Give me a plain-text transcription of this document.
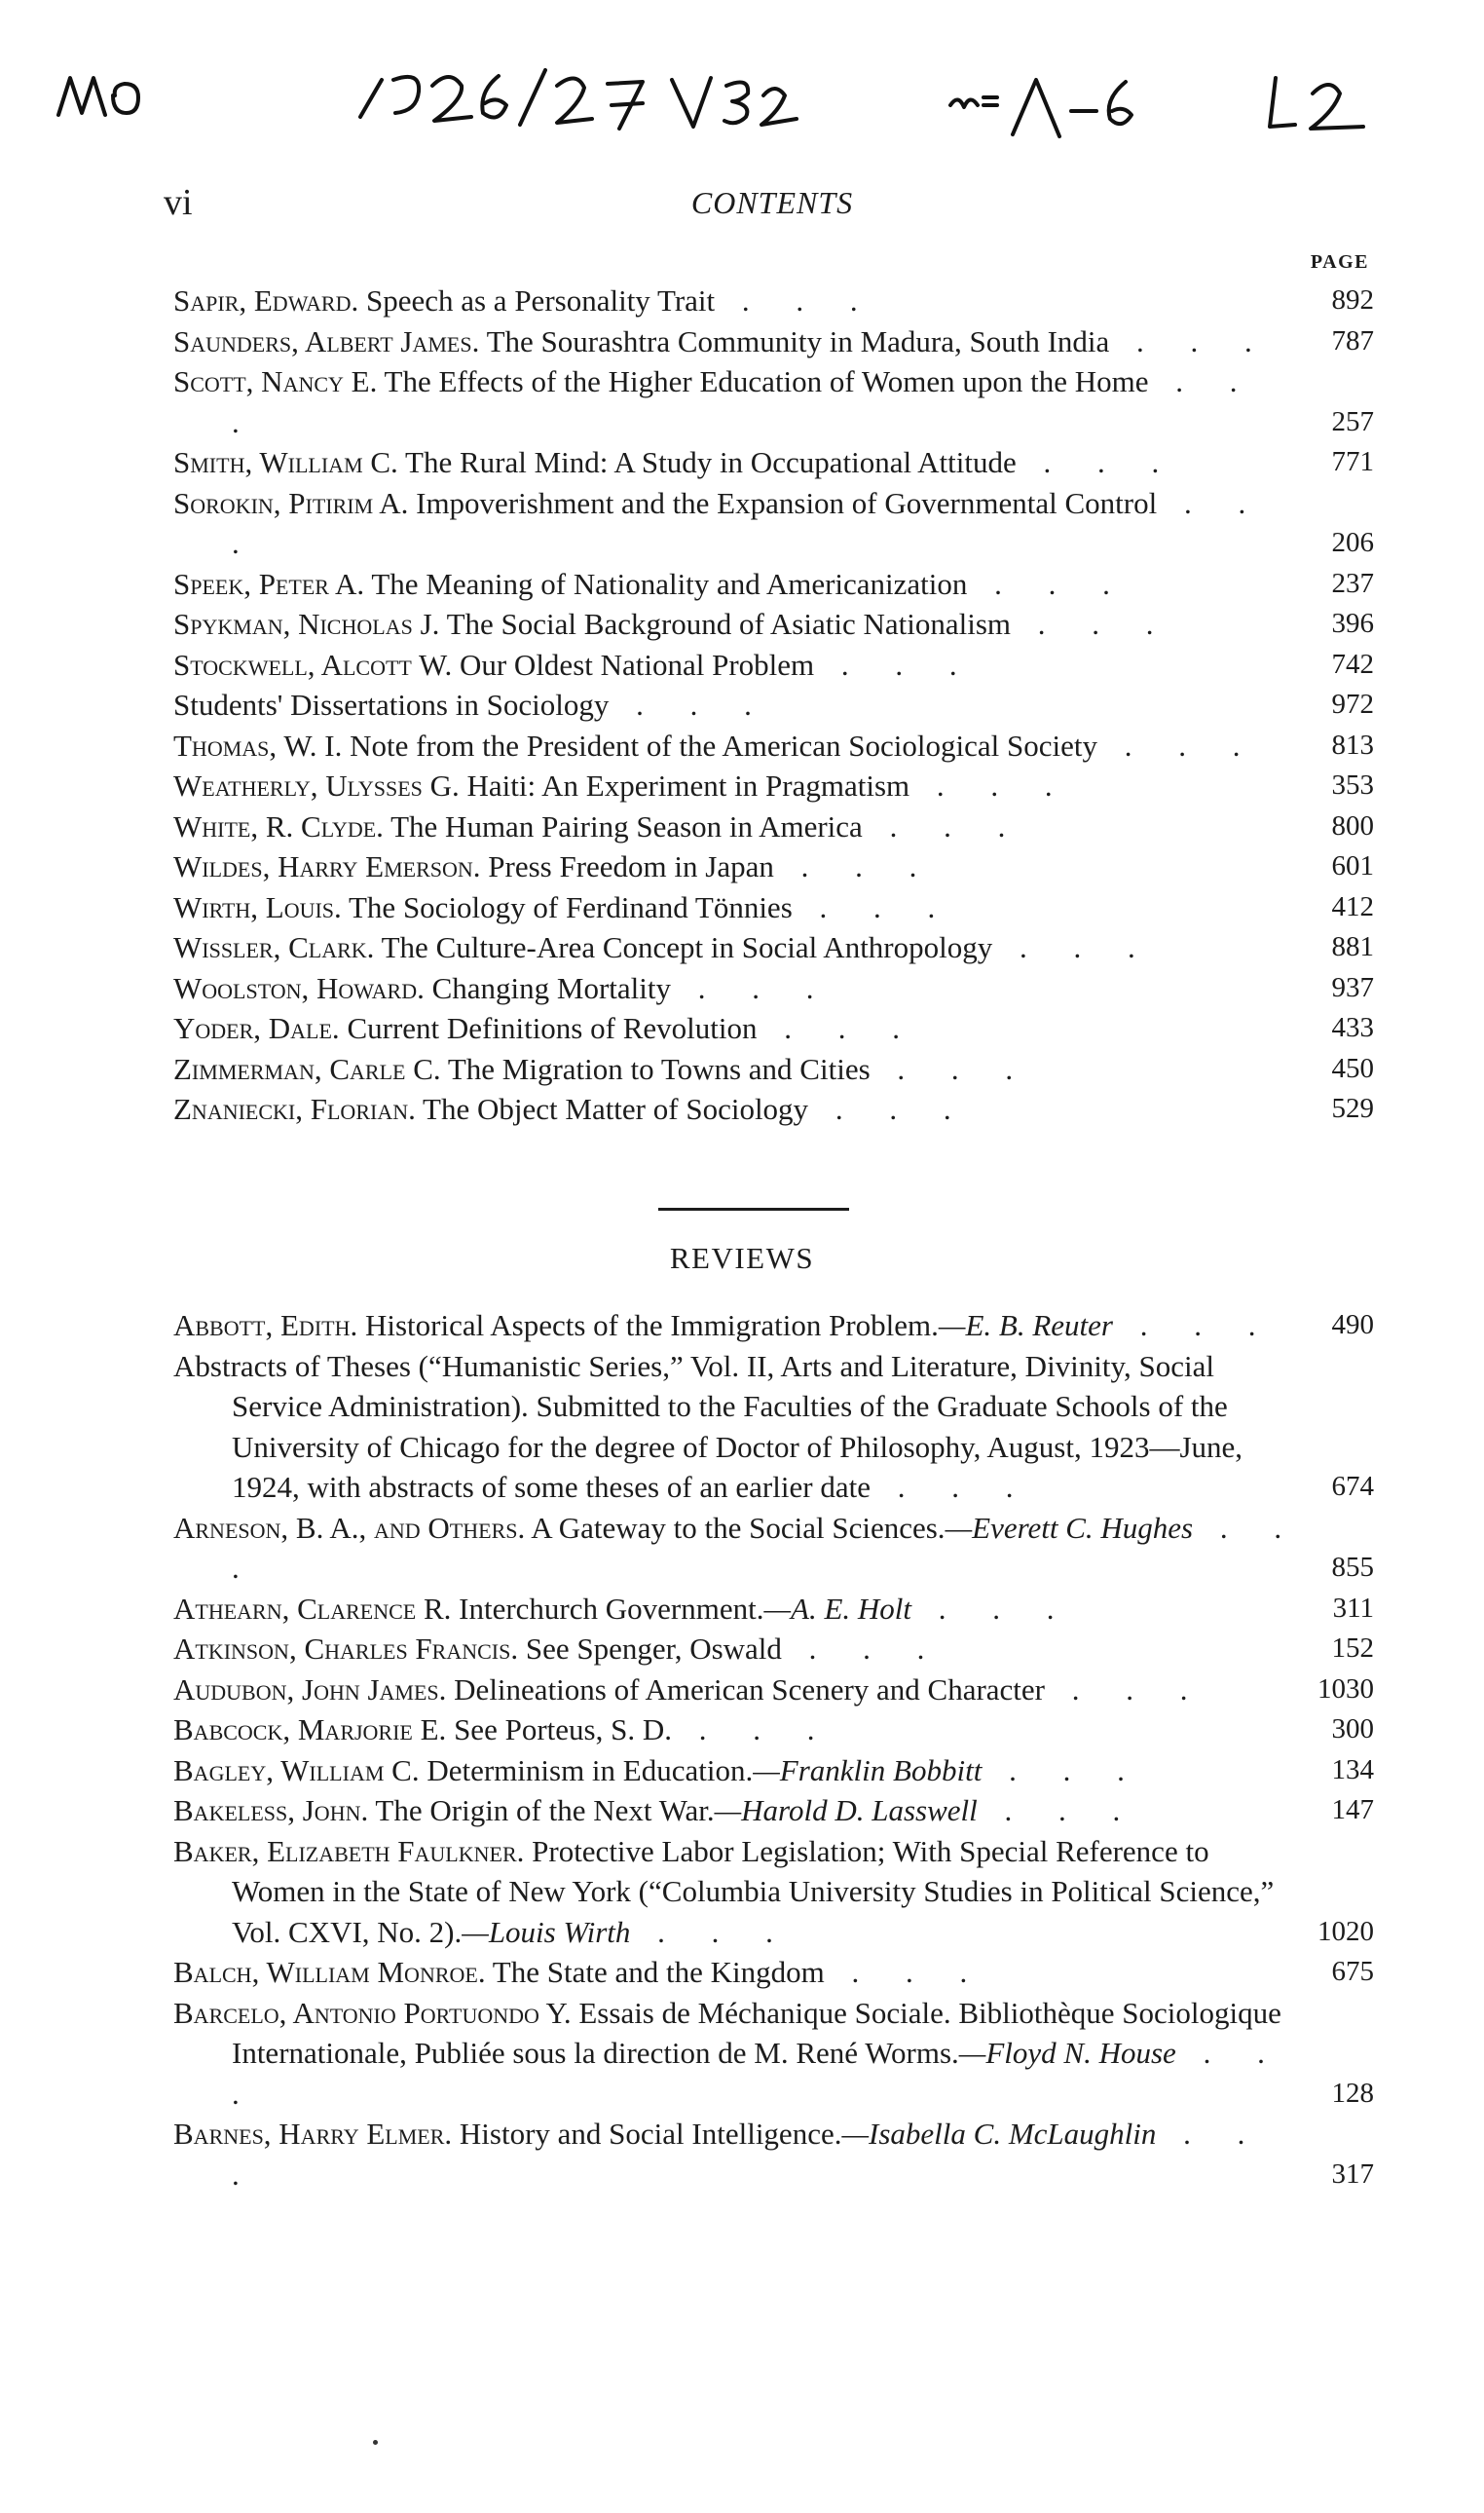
vi	CONTENTS
PAGE
Sapir, Edward. Speech as a Personality Trait . . .	892
Saunders, Albert James. The Sourashtra Community in Madura, South India . . . 787
Scott, Nancy E. The Effects of the Higher Education of Women upon the Home . . .	257
Smith, William C. The Rural Mind: A Study in Occupational Attitude . . .	771
Sorokin, Pitirim A. Impoverishment and the Expansion of Governmental Control . . .	206
Speek, Peter A. The Meaning of Nationality and Americanization . . .	237
Spykman, Nicholas J. The Social Background of Asiatic Nationalism . . .	396
Stockwell, Alcott W. Our Oldest National Problem . . .	742
Students' Dissertations in Sociology . . .	972
Thomas, W. I. Note from the President of the American Sociological Society . . .	813
Weatherly, Ulysses G. Haiti: An Experiment in Pragmatism . . .	353
White, R. Clyde. The Human Pairing Season in America . . .	800
Wildes, Harry Emerson. Press Freedom in Japan . . .	601
Wirth, Louis. The Sociology of Ferdinand Tönnies . . .	412
Wissler, Clark. The Culture-Area Concept in Social Anthropology . . .	881
Woolston, Howard. Changing Mortality . . .	937
Yoder, Dale. Current Definitions of Revolution . . .	433
Zimmerman, Carle C. The Migration to Towns and Cities . . .	450
Znaniecki, Florian. The Object Matter of Sociology . . .	529
REVIEWS
Abbott, Edith. Historical Aspects of the Immigration Problem.—E. B. Reuter . . . 490
Abstracts of Theses (“Humanistic Series,” Vol. II, Arts and Literature, Divinity, Social Service Administration). Submitted to the Faculties of the Graduate Schools of the University of Chicago for the degree of Doctor of Philosophy, August, 1923—June, 1924, with abstracts of some theses of an earlier date . . .	674
Arneson, B. A., and Others. A Gateway to the Social Sciences.—Everett C. Hughes . . .	855
Athearn, Clarence R. Interchurch Government.—A. E. Holt . . .	311
Atkinson, Charles Francis. See Spenger, Oswald . . .	152
Audubon, John James. Delineations of American Scenery and Character . . .	1030
Babcock, Marjorie E. See Porteus, S. D. . . .	300
Bagley, William C. Determinism in Education.—Franklin Bobbitt . . .	134
Bakeless, John. The Origin of the Next War.—Harold D. Lasswell . . .	147
Baker, Elizabeth Faulkner. Protective Labor Legislation; With Special Reference to Women in the State of New York (“Columbia University Studies in Political Science,” Vol. CXVI, No. 2).—Louis Wirth . . .	1020
Balch, William Monroe. The State and the Kingdom . . .	675
Barcelo, Antonio Portuondo Y. Essais de Méchanique Sociale. Bibliothèque Sociologique Internationale, Publiée sous la direction de M. René Worms.—Floyd N. House . . .	128
Barnes, Harry Elmer. History and Social Intelligence.—Isabella C. McLaughlin . . .	317
